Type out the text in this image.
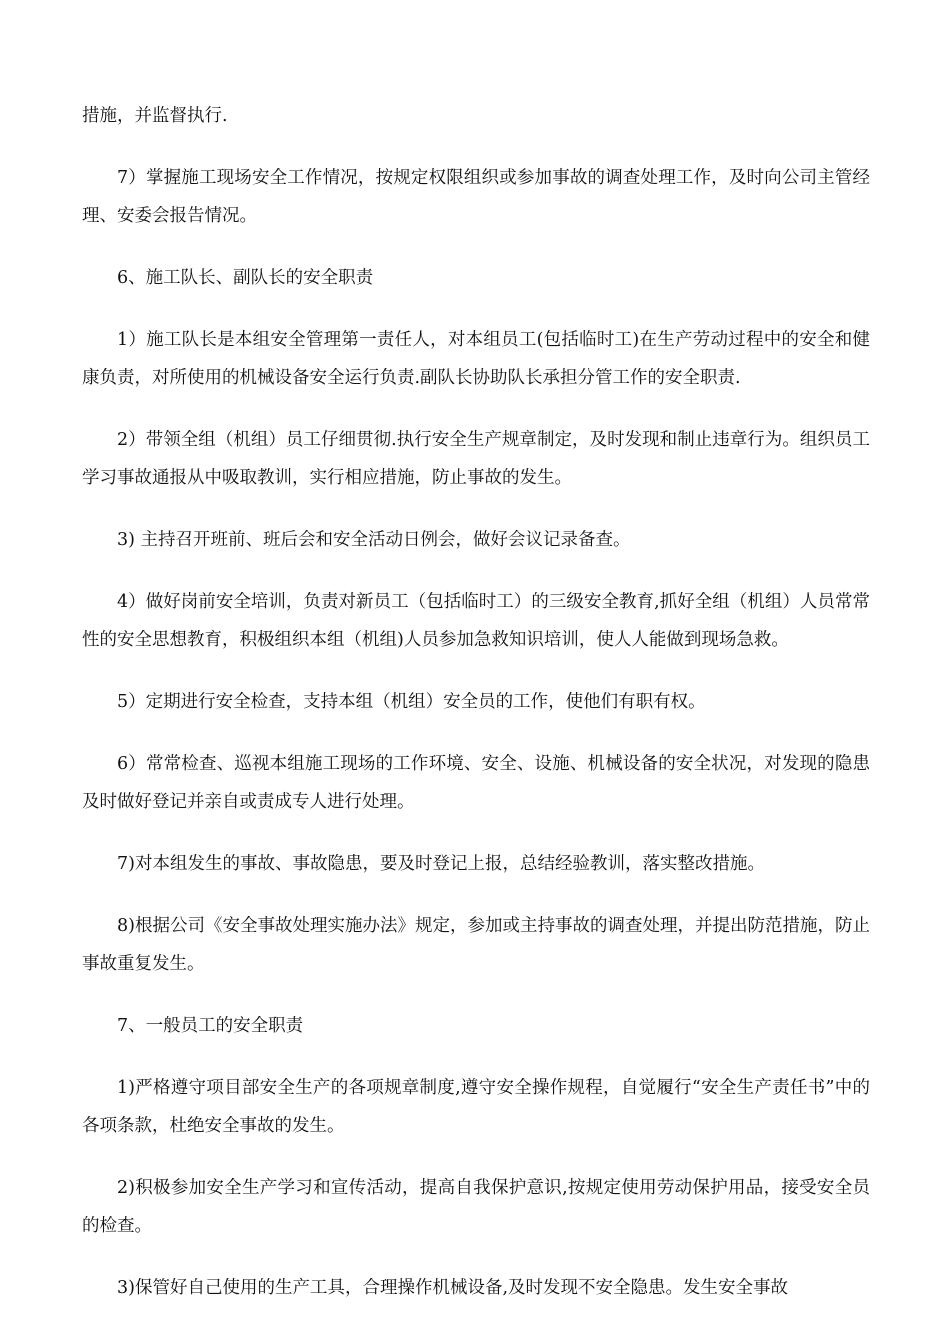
措施，并监督执行.

7）掌握施工现场安全工作情况，按规定权限组织或参加事故的调查处理工作，及时向公司主管经理、安委会报告情况。

6、施工队长、副队长的安全职责

1）施工队长是本组安全管理第一责任人，对本组员工(包括临时工)在生产劳动过程中的安全和健康负责，对所使用的机械设备安全运行负责.副队长协助队长承担分管工作的安全职责.

2）带领全组（机组）员工仔细贯彻.执行安全生产规章制定，及时发现和制止违章行为。组织员工学习事故通报从中吸取教训，实行相应措施，防止事故的发生。

3) 主持召开班前、班后会和安全活动日例会，做好会议记录备查。

4）做好岗前安全培训，负责对新员工（包括临时工）的三级安全教育,抓好全组（机组）人员常常性的安全思想教育，积极组织本组（机组)人员参加急救知识培训，使人人能做到现场急救。

5）定期进行安全检查，支持本组（机组）安全员的工作，使他们有职有权。

6）常常检查、巡视本组施工现场的工作环境、安全、设施、机械设备的安全状况，对发现的隐患及时做好登记并亲自或责成专人进行处理。

7)对本组发生的事故、事故隐患，要及时登记上报，总结经验教训，落实整改措施。

8)根据公司《安全事故处理实施办法》规定，参加或主持事故的调查处理，并提出防范措施，防止事故重复发生。

7、一般员工的安全职责

1)严格遵守项目部安全生产的各项规章制度,遵守安全操作规程，自觉履行“安全生产责任书”中的各项条款，杜绝安全事故的发生。

2)积极参加安全生产学习和宣传活动，提高自我保护意识,按规定使用劳动保护用品，接受安全员的检查。

3)保管好自己使用的生产工具，合理操作机械设备,及时发现不安全隐患。发生安全事故
